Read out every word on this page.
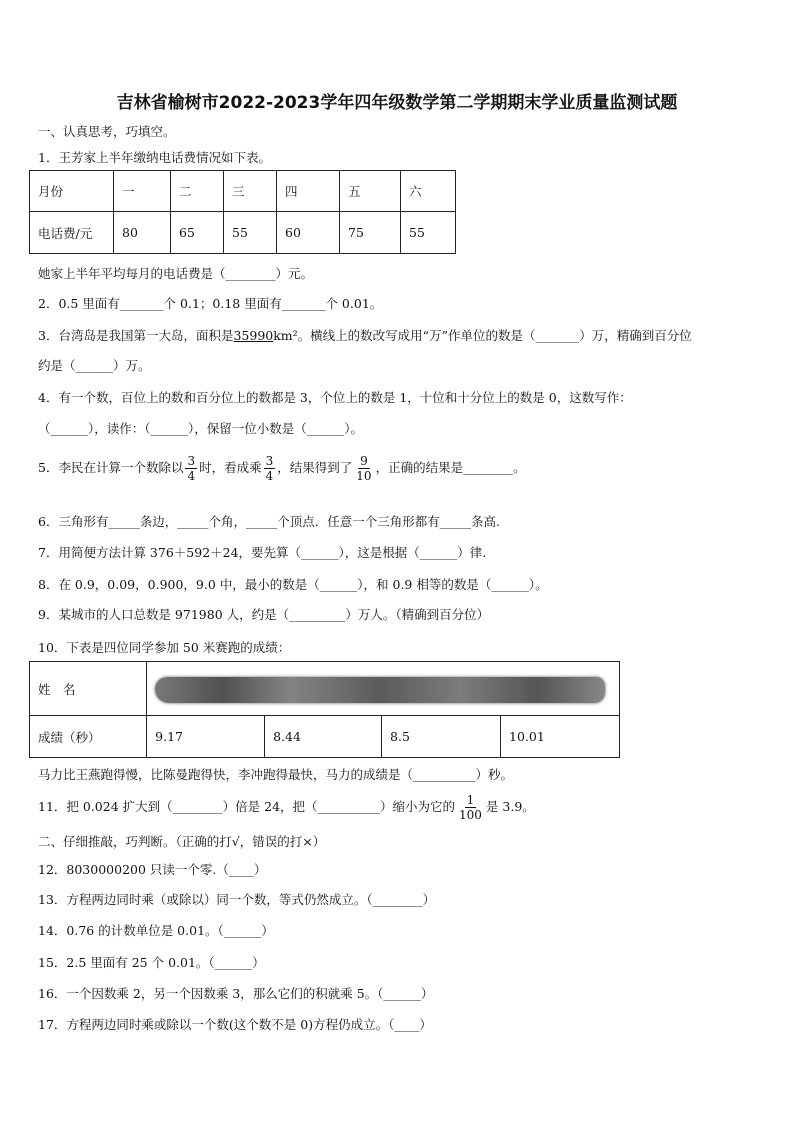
吉林省榆树市2022-2023学年四年级数学第二学期期末学业质量监测试题
一、认真思考，巧填空。
1．王芳家上半年缴纳电话费情况如下表。
月份	一	二	三	四	五	六
电话费/元	80	65	55	60	75	55
她家上半年平均每月的电话费是（________）元。
2．0.5 里面有_______个 0.1；0.18 里面有_______个 0.01。
3．台湾岛是我国第一大岛，面积是35990km²。横线上的数改写成用“万”作单位的数是（_______）万，精确到百分位
约是（______）万。
4．有一个数，百位上的数和百分位上的数都是 3，个位上的数是 1，十位和十分位上的数是 0，这数写作：
（______），读作：（______），保留一位小数是（______）。
5．李民在计算一个数除以 $\frac{3}{4}$ 时，看成乘 $\frac{3}{4}$ ，结果得到了 $\frac{9}{10}$ ，正确的结果是________。
6．三角形有_____条边，_____个角，_____个顶点．任意一个三角形都有_____条高.
7．用简便方法计算 376＋592＋24，要先算（______），这是根据（______）律.
8．在 0.9，0.09，0.900，9.0 中，最小的数是（______），和 0.9 相等的数是（______）。
9．某城市的人口总数是 971980 人，约是（_________）万人。（精确到百分位）
10．下表是四位同学参加 50 米赛跑的成绩：
姓　名				

成绩（秒）	9.17	8.44	8.5	10.01
马力比王燕跑得慢，比陈曼跑得快，李冲跑得最快，马力的成绩是（__________）秒。
11．把 0.024 扩大到（________）倍是 24，把（__________）缩小为它的 $\frac{1}{100}$ 是 3.9。
二、仔细推敲，巧判断。（正确的打√，错误的打×）
12．8030000200 只读一个零.（____）
13．方程两边同时乘（或除以）同一个数，等式仍然成立。（________）
14．0.76 的计数单位是 0.01。（______）
15．2.5 里面有 25 个 0.01。（______）
16．一个因数乘 2，另一个因数乘 3，那么它们的积就乘 5。（______）
17．方程两边同时乘或除以一个数(这个数不是 0)方程仍成立。（____）
